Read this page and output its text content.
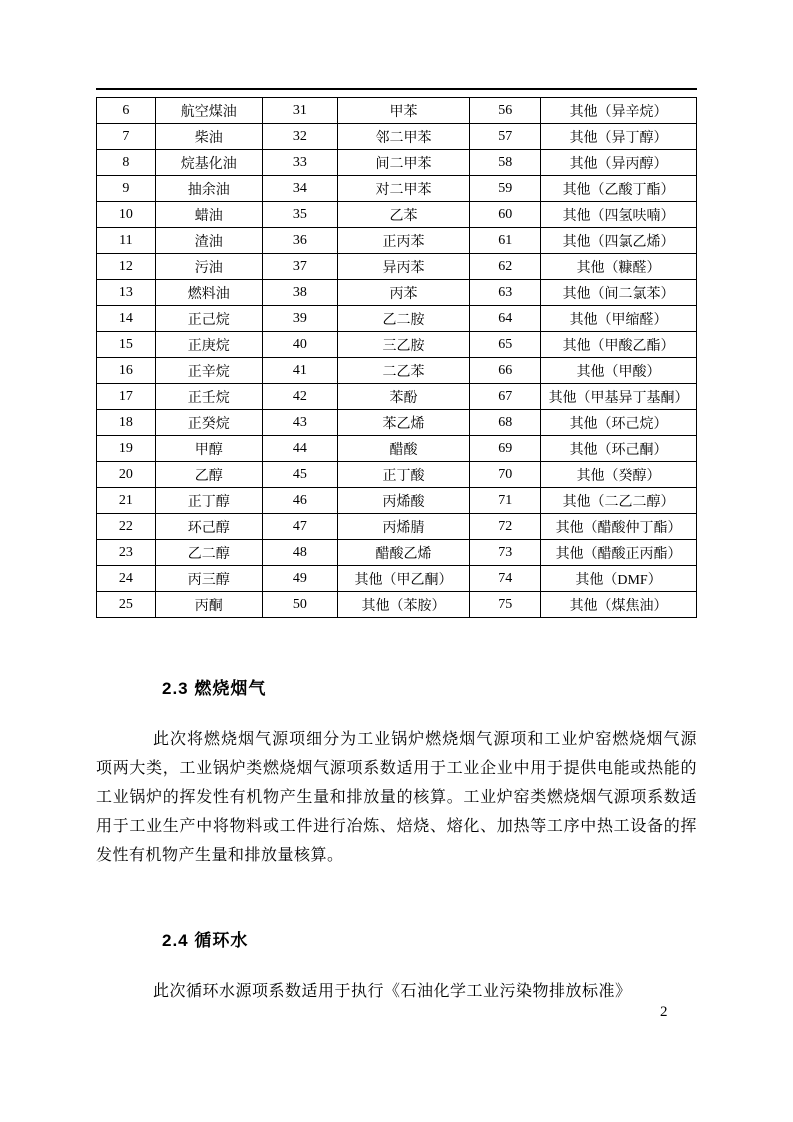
6	航空煤油	31	甲苯	56	其他（异辛烷）
7	柴油	32	邻二甲苯	57	其他（异丁醇）
8	烷基化油	33	间二甲苯	58	其他（异丙醇）
9	抽余油	34	对二甲苯	59	其他（乙酸丁酯）
10	蜡油	35	乙苯	60	其他（四氢呋喃）
11	渣油	36	正丙苯	61	其他（四氯乙烯）
12	污油	37	异丙苯	62	其他（糠醛）
13	燃料油	38	丙苯	63	其他（间二氯苯）
14	正己烷	39	乙二胺	64	其他（甲缩醛）
15	正庚烷	40	三乙胺	65	其他（甲酸乙酯）
16	正辛烷	41	二乙苯	66	其他（甲酸）
17	正壬烷	42	苯酚	67	其他（甲基异丁基酮）
18	正癸烷	43	苯乙烯	68	其他（环己烷）
19	甲醇	44	醋酸	69	其他（环己酮）
20	乙醇	45	正丁酸	70	其他（癸醇）
21	正丁醇	46	丙烯酸	71	其他（二乙二醇）
22	环己醇	47	丙烯腈	72	其他（醋酸仲丁酯）
23	乙二醇	48	醋酸乙烯	73	其他（醋酸正丙酯）
24	丙三醇	49	其他（甲乙酮）	74	其他（DMF）
25	丙酮	50	其他（苯胺）	75	其他（煤焦油）
2.3 燃烧烟气

此次将燃烧烟气源项细分为工业锅炉燃烧烟气源项和工业炉窑燃烧烟气源项两大类，工业锅炉类燃烧烟气源项系数适用于工业企业中用于提供电能或热能的工业锅炉的挥发性有机物产生量和排放量的核算。工业炉窑类燃烧烟气源项系数适用于工业生产中将物料或工件进行冶炼、焙烧、熔化、加热等工序中热工设备的挥发性有机物产生量和排放量核算。

2.4 循环水

此次循环水源项系数适用于执行《石油化学工业污染物排放标准》

2
